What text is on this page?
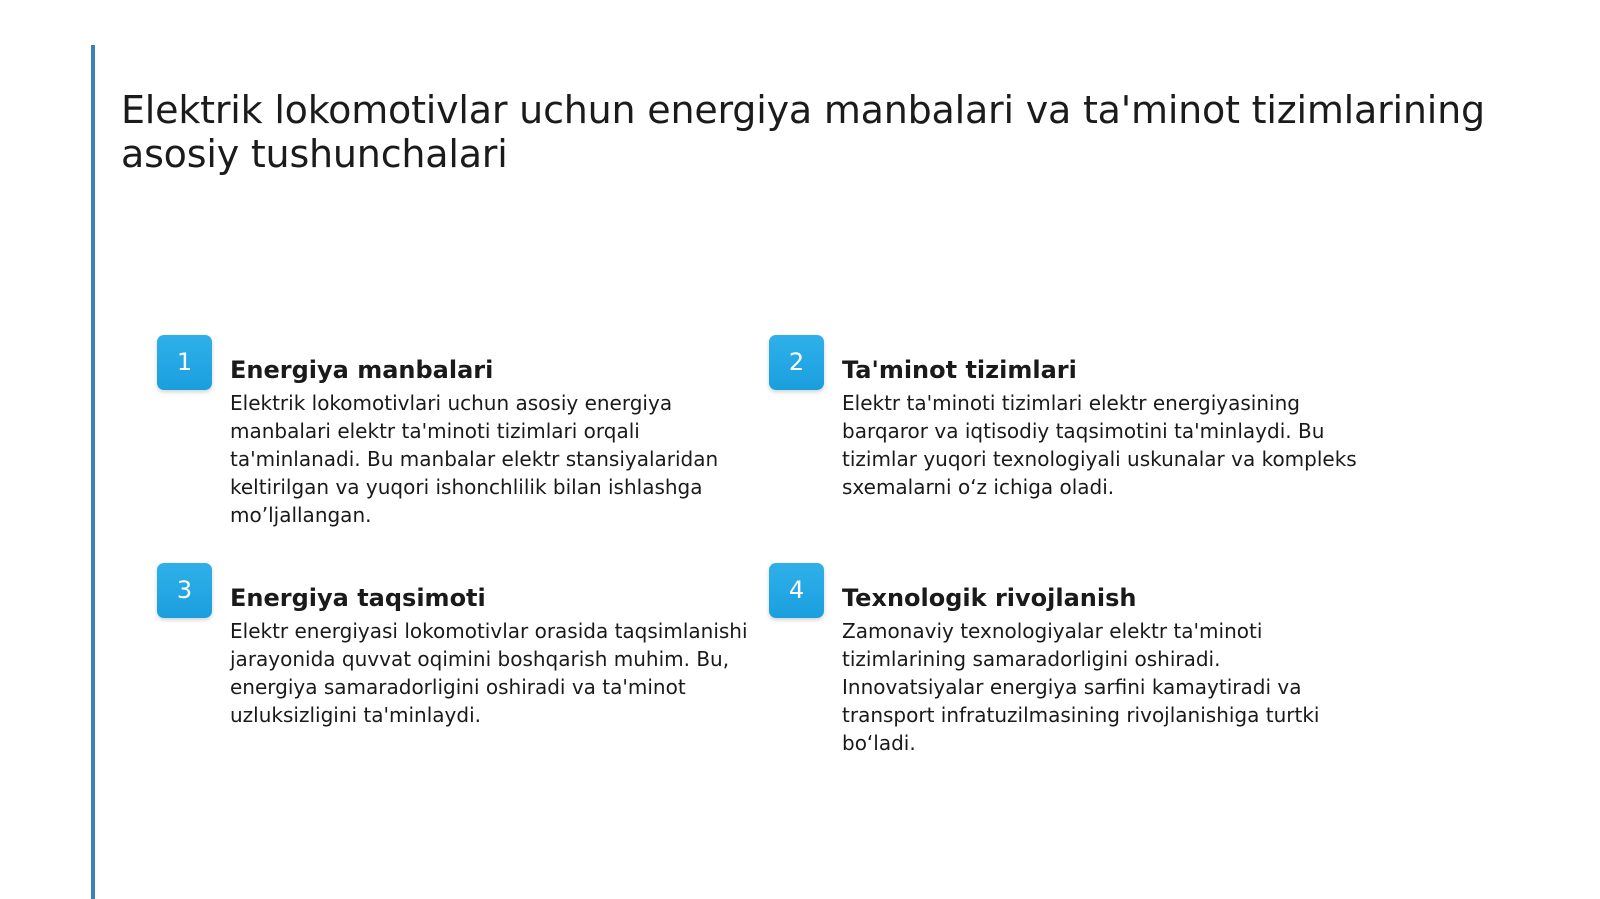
Elektrik lokomotivlar uchun energiya manbalari va ta'minot tizimlarining asosiy tushunchalari
1	Energiya manbalari

Elektrik lokomotivlari uchun asosiy energiya manbalari elektr ta'minoti tizimlari orqali ta'minlanadi. Bu manbalar elektr stansiyalaridan keltirilgan va yuqori ishonchlilik bilan ishlashga mo’ljallangan.

2	Ta'minot tizimlari

Elektr ta'minoti tizimlari elektr energiyasining barqaror va iqtisodiy taqsimotini ta'minlaydi. Bu tizimlar yuqori texnologiyali uskunalar va kompleks sxemalarni o‘z ichiga oladi.

3	Energiya taqsimoti

Elektr energiyasi lokomotivlar orasida taqsimlanishi jarayonida quvvat oqimini boshqarish muhim. Bu, energiya samaradorligini oshiradi va ta'minot uzluksizligini ta'minlaydi.

4	Texnologik rivojlanish

Zamonaviy texnologiyalar elektr ta'minoti tizimlarining samaradorligini oshiradi. Innovatsiyalar energiya sarfini kamaytiradi va transport infratuzilmasining rivojlanishiga turtki bo‘ladi.
